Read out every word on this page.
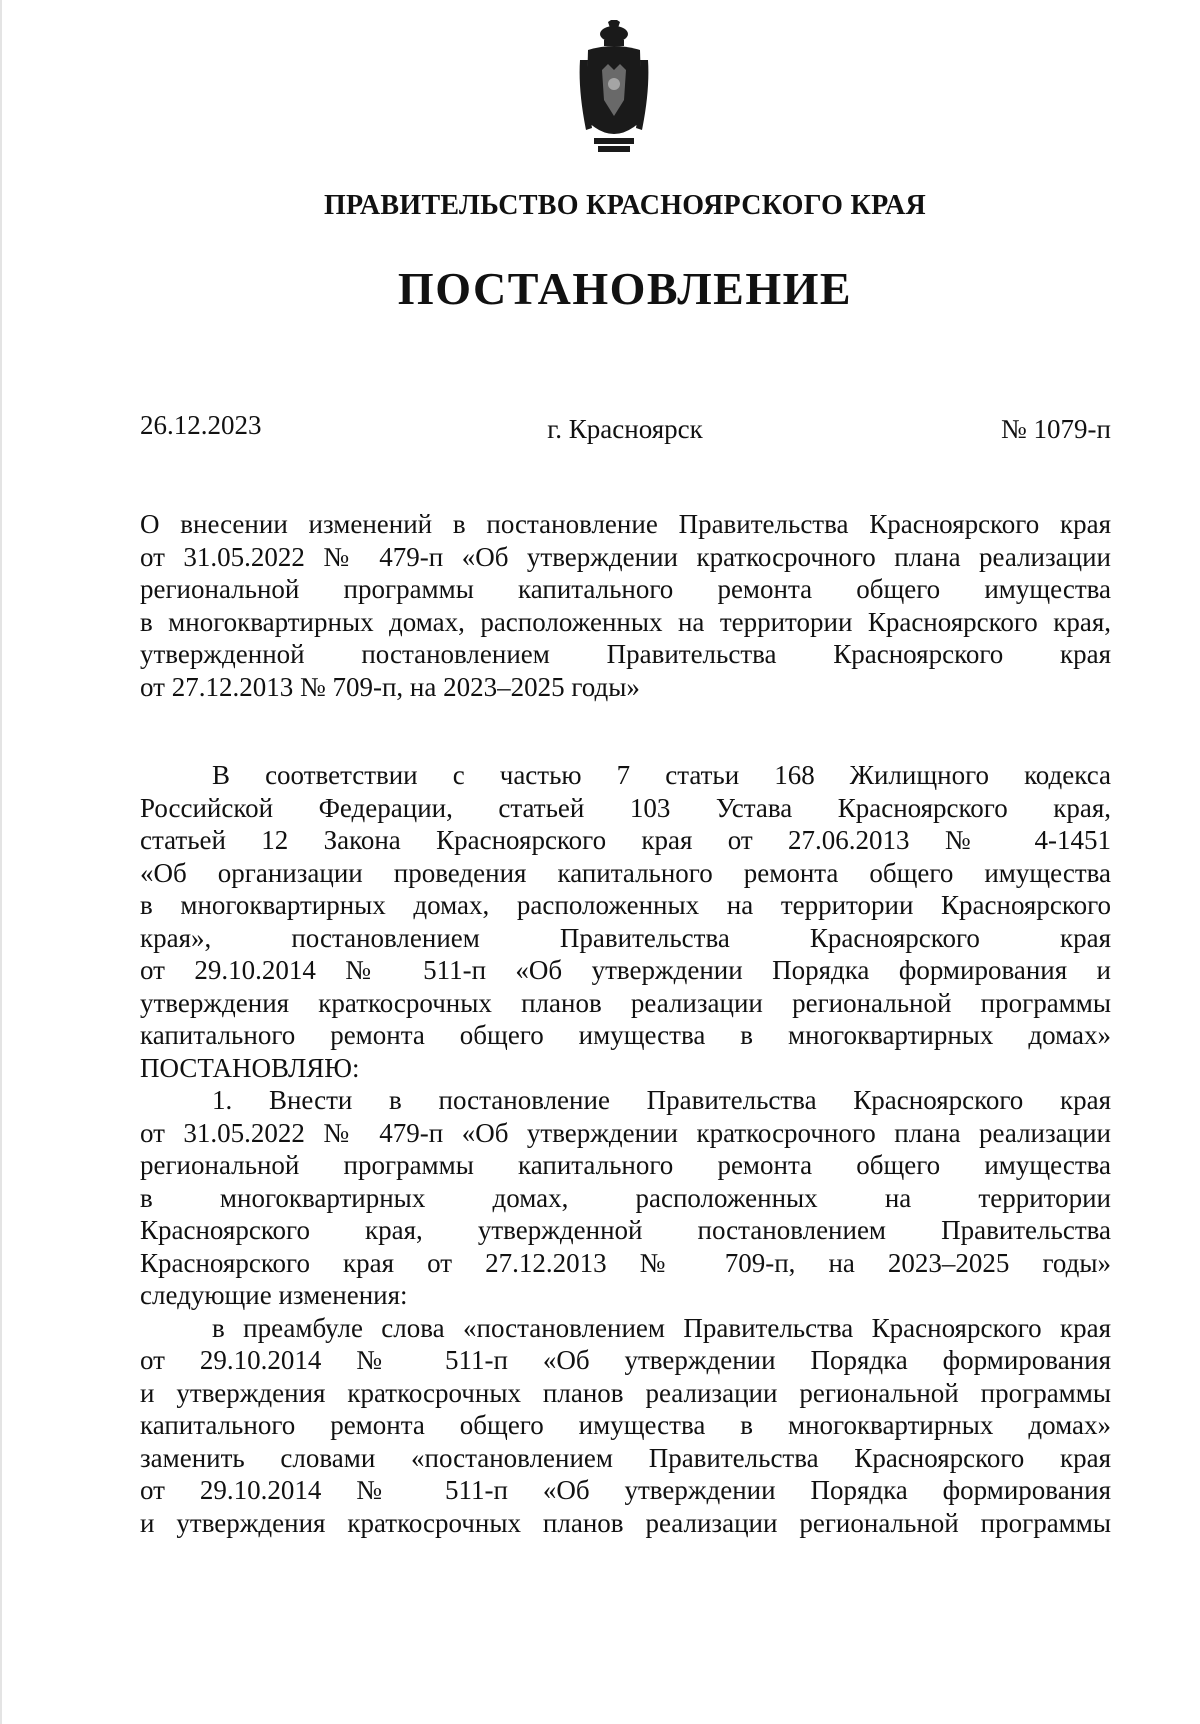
ПРАВИТЕЛЬСТВО КРАСНОЯРСКОГО КРАЯ
ПОСТАНОВЛЕНИЕ
26.12.2023	г. Красноярск	№ 1079-п
О внесении изменений в постановление Правительства Красноярского края
от 31.05.2022 № 479-п «Об утверждении краткосрочного плана реализации
региональной программы капитального ремонта общего имущества
в многоквартирных домах, расположенных на территории Красноярского края,
утвержденной постановлением Правительства Красноярского края
от 27.12.2013 № 709-п, на 2023–2025 годы»
В соответствии с частью 7 статьи 168 Жилищного кодекса
Российской Федерации, статьей 103 Устава Красноярского края,
статьей 12 Закона Красноярского края от 27.06.2013 № 4-1451
«Об организации проведения капитального ремонта общего имущества
в многоквартирных домах, расположенных на территории Красноярского
края», постановлением Правительства Красноярского края
от 29.10.2014 № 511-п «Об утверждении Порядка формирования и
утверждения краткосрочных планов реализации региональной программы
капитального ремонта общего имущества в многоквартирных домах»
ПОСТАНОВЛЯЮ:
1. Внести в постановление Правительства Красноярского края
от 31.05.2022 № 479-п «Об утверждении краткосрочного плана реализации
региональной программы капитального ремонта общего имущества
в многоквартирных домах, расположенных на территории
Красноярского края, утвержденной постановлением Правительства
Красноярского края от 27.12.2013 № 709-п, на 2023–2025 годы»
следующие изменения:
в преамбуле слова «постановлением Правительства Красноярского края
от 29.10.2014 № 511-п «Об утверждении Порядка формирования
и утверждения краткосрочных планов реализации региональной программы
капитального ремонта общего имущества в многоквартирных домах»
заменить словами «постановлением Правительства Красноярского края
от 29.10.2014 № 511-п «Об утверждении Порядка формирования
и утверждения краткосрочных планов реализации региональной программы
